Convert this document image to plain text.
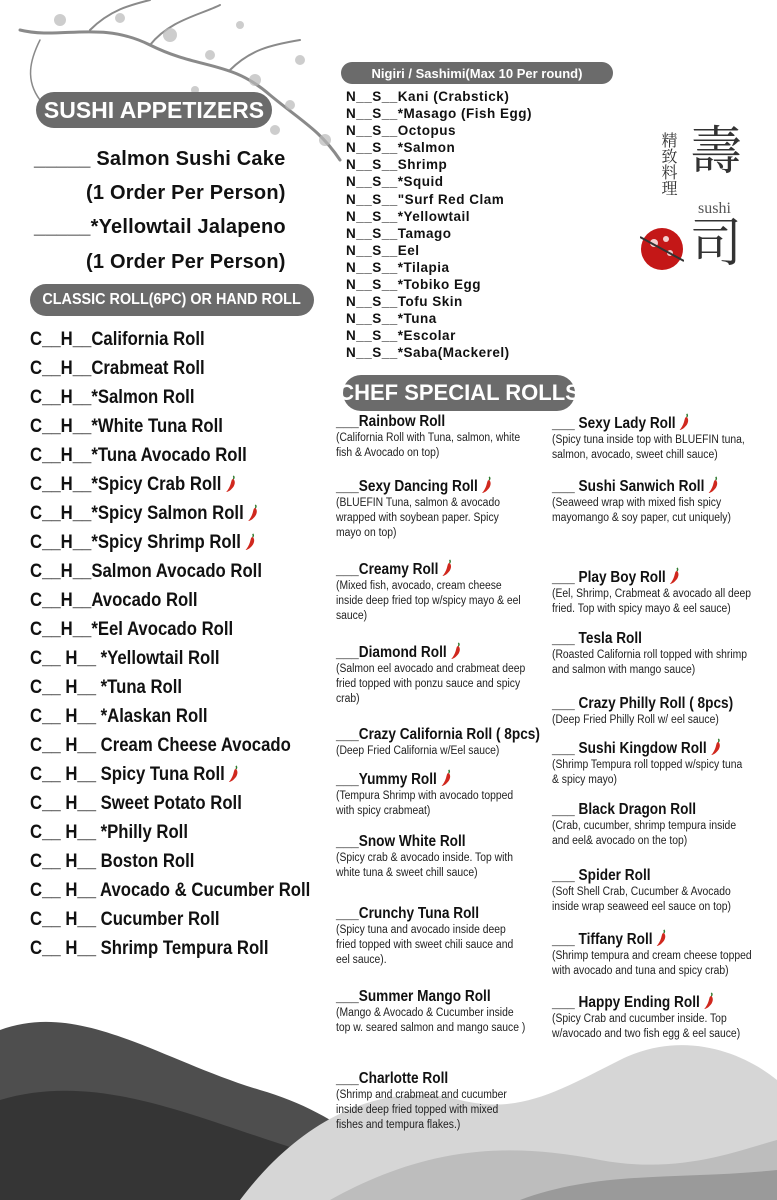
SUSHI APPETIZERS
_____ Salmon Sushi Cake
(1 Order Per Person)
_____*Yellowtail Jalapeno
(1 Order Per Person)
CLASSIC ROLL(6PC) OR HAND ROLL
C__H__California Roll
C__H__Crabmeat Roll
C__H__*Salmon Roll
C__H__*White Tuna Roll
C__H__*Tuna Avocado Roll
C__H__*Spicy Crab Roll
C__H__*Spicy Salmon Roll
C__H__*Spicy Shrimp Roll
C__H__Salmon Avocado Roll
C__H__Avocado Roll
C__H__*Eel Avocado Roll
C__ H__ *Yellowtail Roll
C__ H__ *Tuna Roll
C__ H__ *Alaskan Roll
C__ H__ Cream Cheese Avocado
C__ H__ Spicy Tuna Roll
C__ H__ Sweet Potato Roll
C__ H__ *Philly Roll
C__ H__ Boston Roll
C__ H__ Avocado & Cucumber Roll
C__ H__ Cucumber Roll
C__ H__ Shrimp Tempura Roll
Nigiri / Sashimi(Max 10 Per round)
N__S__Kani (Crabstick)
N__S__*Masago (Fish Egg)
N__S__Octopus
N__S__*Salmon
N__S__Shrimp
N__S__*Squid
N__S__"Surf Red Clam
N__S__*Yellowtail
N__S__Tamago
N__S__Eel
N__S__*Tilapia
N__S__*Tobiko Egg
N__S__Tofu Skin
N__S__*Tuna
N__S__*Escolar
N__S__*Saba(Mackerel)
精致料理 壽
sushi
司
CHEF SPECIAL ROLLS
___Rainbow Roll
(California Roll with Tuna, salmon, white fish & Avocado on top)
___Sexy Dancing Roll
(BLUEFIN Tuna, salmon & avocado wrapped with soybean paper. Spicy mayo on top)
___Creamy Roll
(Mixed fish, avocado, cream cheese inside deep fried top w/spicy mayo & eel sauce)
___Diamond Roll
(Salmon eel avocado and crabmeat deep fried topped with ponzu sauce and spicy crab)
___Crazy California Roll ( 8pcs)
(Deep Fried California w/Eel sauce)
___Yummy Roll
(Tempura Shrimp with avocado topped with spicy crabmeat)
___Snow White Roll
(Spicy crab & avocado inside. Top with white tuna & sweet chill sauce)
___Crunchy Tuna Roll
(Spicy tuna and avocado inside deep fried topped with sweet chili sauce and eel sauce).
___Summer Mango Roll
(Mango & Avocado & Cucumber inside top w. seared salmon and mango sauce )
___Charlotte Roll
(Shrimp and crabmeat and cucumber inside deep fried topped with mixed fishes and tempura flakes.)
___ Sexy Lady Roll
(Spicy tuna inside top with BLUEFIN tuna, salmon, avocado, sweet chill sauce)
___ Sushi Sanwich Roll
(Seaweed wrap with mixed fish spicy mayomango & soy paper, cut uniquely)
___ Play Boy Roll
(Eel, Shrimp, Crabmeat & avocado all deep fried. Top with spicy mayo & eel sauce)
___ Tesla Roll
(Roasted California roll topped with shrimp and salmon with mango sauce)
___ Crazy Philly Roll ( 8pcs)
(Deep Fried Philly Roll w/ eel sauce)
___ Sushi Kingdow Roll
(Shrimp Tempura roll topped w/spicy tuna & spicy mayo)
___ Black Dragon Roll
(Crab, cucumber, shrimp tempura inside and eel& avocado on the top)
___ Spider Roll
(Soft Shell Crab, Cucumber & Avocado inside wrap seaweed eel sauce on top)
___ Tiffany Roll
(Shrimp tempura and cream cheese topped with avocado and tuna and spicy crab)
___ Happy Ending Roll
(Spicy Crab and cucumber inside. Top w/avocado and two fish egg & eel sauce)
